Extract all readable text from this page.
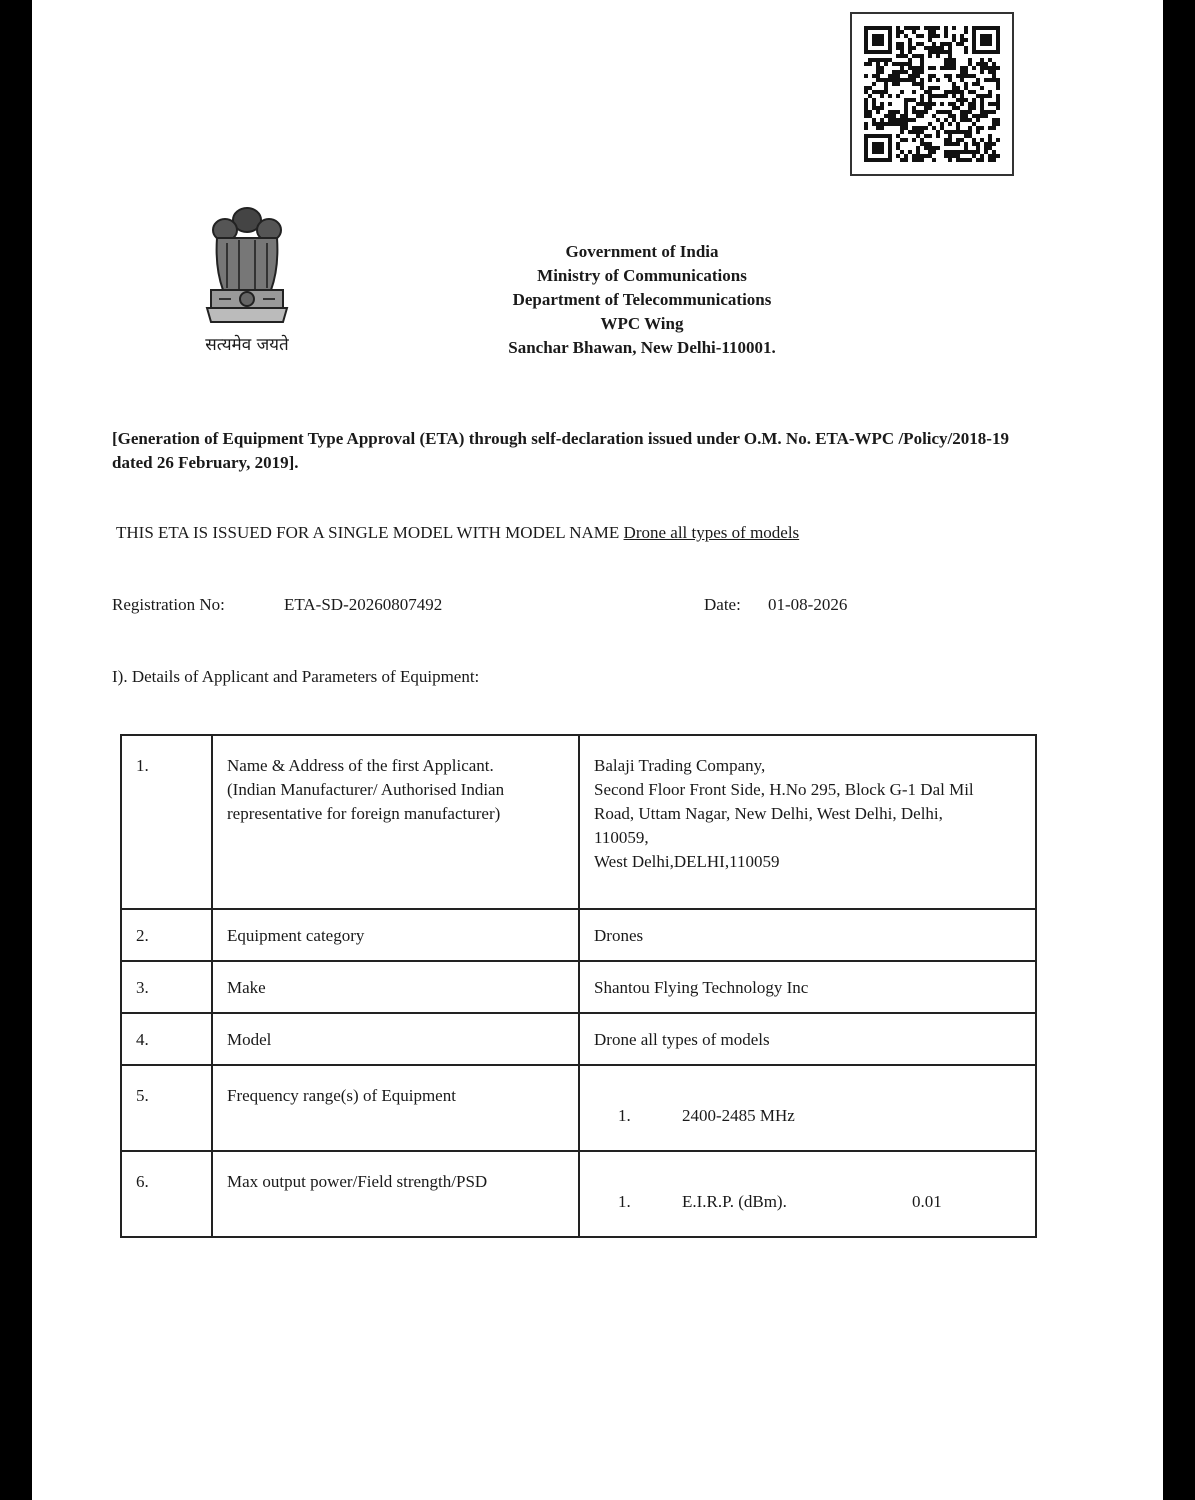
सत्यमेव जयते
Government of India
Ministry of Communications
Department of Telecommunications
WPC Wing
Sanchar Bhawan, New Delhi-110001.
[Generation of Equipment Type Approval (ETA) through self-declaration issued under O.M. No. ETA-WPC /Policy/2018-19 dated 26 February, 2019].
THIS ETA IS ISSUED FOR A SINGLE MODEL WITH MODEL NAME Drone all types of models
Registration No:	ETA-SD-20260807492	Date: 01-08-2026
I). Details of Applicant and Parameters of Equipment:
1.	Name & Address of the first Applicant.
(Indian Manufacturer/ Authorised Indian
representative for foreign manufacturer)	Balaji Trading Company,
Second Floor Front Side, H.No 295, Block G-1 Dal Mil
Road, Uttam Nagar, New Delhi, West Delhi, Delhi,
110059,
West Delhi,DELHI,110059

2.	Equipment category	Drones
3.	Make	Shantou Flying Technology Inc
4.	Model	Drone all types of models
5.	Frequency range(s) of Equipment	1. 2400-2485 MHz

6.	Max output power/Field strength/PSD	1. E.I.R.P. (dBm). 0.01
